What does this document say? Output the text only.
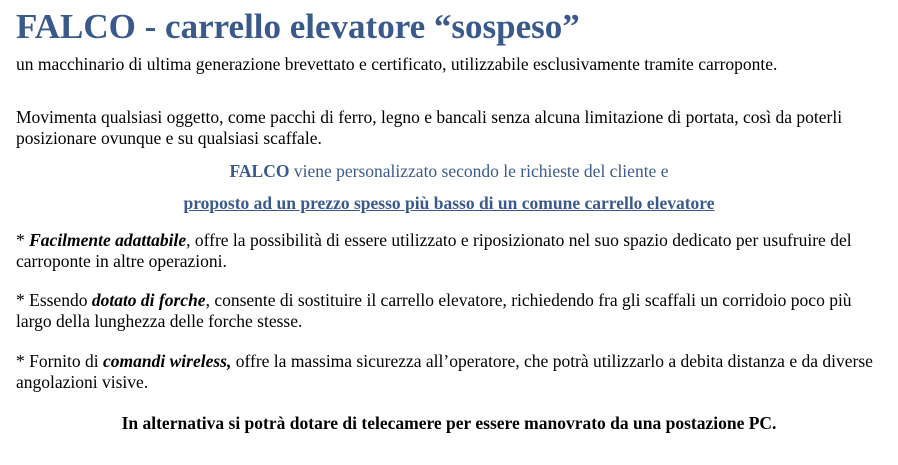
FALCO - carrello elevatore “sospeso”

un macchinario di ultima generazione brevettato e certificato, utilizzabile esclusivamente tramite carroponte.

Movimenta qualsiasi oggetto, come pacchi di ferro, legno e bancali senza alcuna limitazione di portata, così da poterli posizionare ovunque e su qualsiasi scaffale.

FALCO viene personalizzato secondo le richieste del cliente e

proposto ad un prezzo spesso più basso di un comune carrello elevatore

* Facilmente adattabile, offre la possibilità di essere utilizzato e riposizionato nel suo spazio dedicato per usufruire del carroponte in altre operazioni.

* Essendo dotato di forche, consente di sostituire il carrello elevatore, richiedendo fra gli scaffali un corridoio poco più largo della lunghezza delle forche stesse.

* Fornito di comandi wireless, offre la massima sicurezza all’operatore, che potrà utilizzarlo a debita distanza e da diverse angolazioni visive.

In alternativa si potrà dotare di telecamere per essere manovrato da una postazione PC.
